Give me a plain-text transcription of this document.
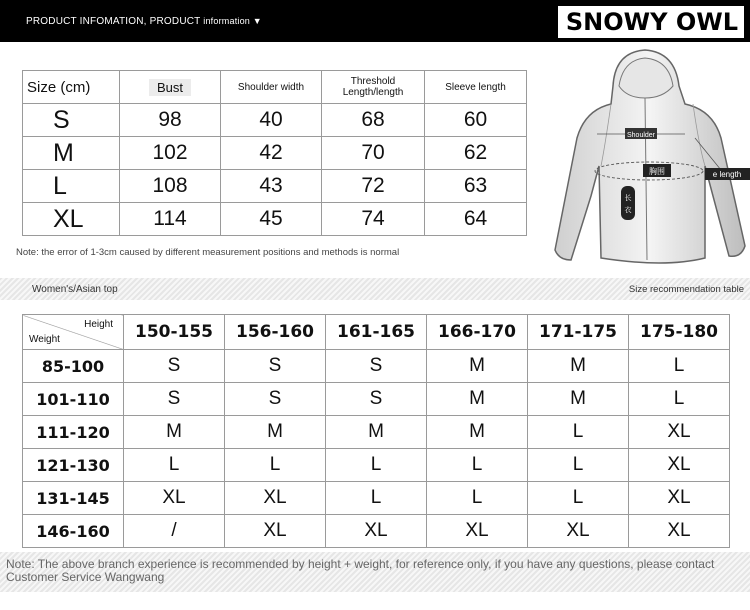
PRODUCT INFOMATION, PRODUCT information ▼	SNOWY OWL
Size (cm)	Bust	Shoulder width	Threshold Length/length	Sleeve length
S	98	40	68	60
M	102	42	70	62
L	108	43	72	63
XL	114	45	74	64
Note: the error of 1-3cm caused by different measurement positions and methods is normal
Shoulder
胸围
长
衣
e length
Women's/Asian top	Size recommendation table
Height
Weight	150-155	156-160	161-165	166-170	171-175	175-180
85-100	S	S	S	M	M	L
101-110	S	S	S	M	M	L
111-120	M	M	M	M	L	XL
121-130	L	L	L	L	L	XL
131-145	XL	XL	L	L	L	XL
146-160	/	XL	XL	XL	XL	XL
Note: The above branch experience is recommended by height + weight, for reference only, if you have any questions, please contact Customer Service Wangwang
